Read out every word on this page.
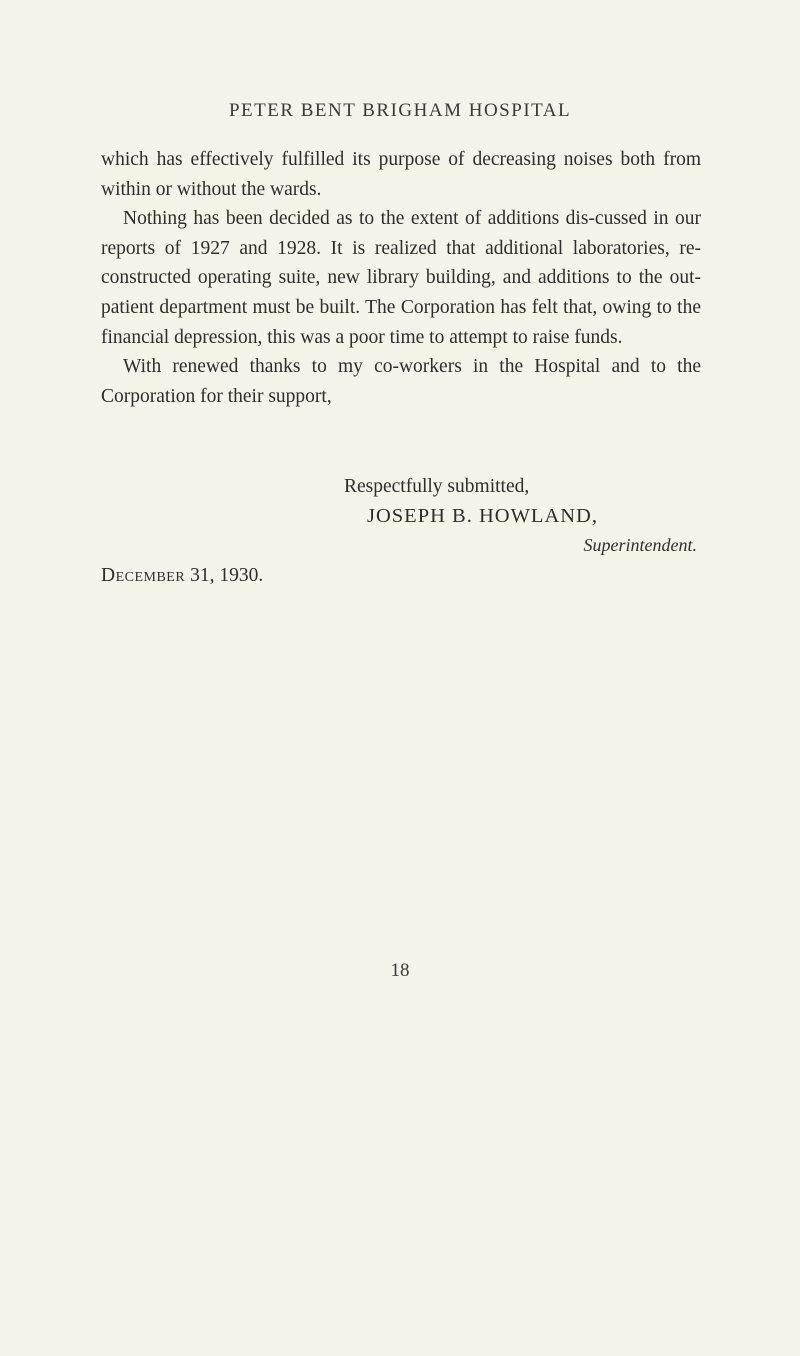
PETER BENT BRIGHAM HOSPITAL

which has effectively fulfilled its purpose of decreasing noises both from within or without the wards.

Nothing has been decided as to the extent of additions dis-cussed in our reports of 1927 and 1928. It is realized that additional laboratories, re-constructed operating suite, new library building, and additions to the out-patient department must be built. The Corporation has felt that, owing to the financial depression, this was a poor time to attempt to raise funds.

With renewed thanks to my co-workers in the Hospital and to the Corporation for their support,

Respectfully submitted,
JOSEPH B. HOWLAND,
Superintendent.
December 31, 1930.
18
